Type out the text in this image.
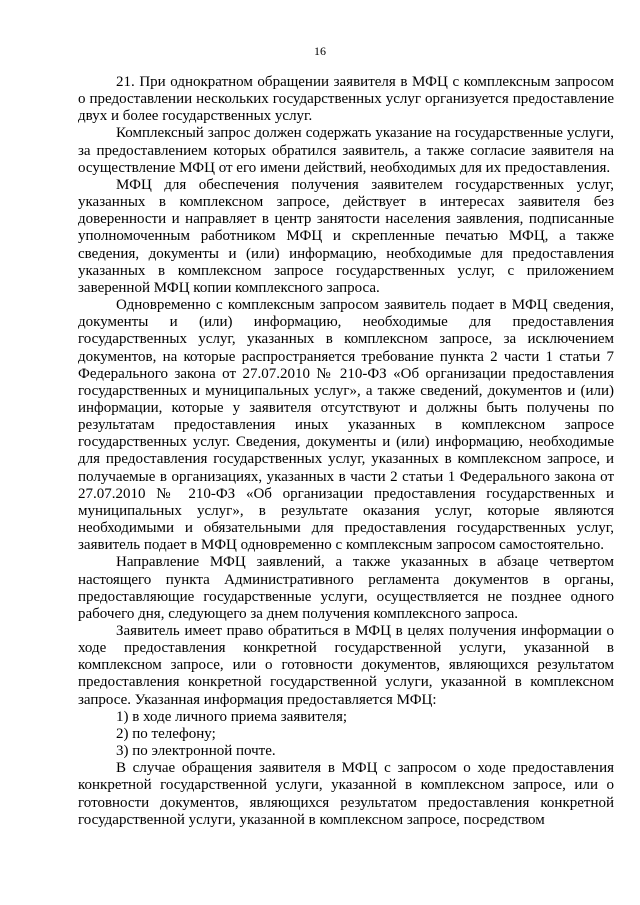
16

21. При однократном обращении заявителя в МФЦ с комплексным запросом о предоставлении нескольких государственных услуг организуется предоставление двух и более государственных услуг.

Комплексный запрос должен содержать указание на государственные услуги, за предоставлением которых обратился заявитель, а также согласие заявителя на осуществление МФЦ от его имени действий, необходимых для их предоставления.

МФЦ для обеспечения получения заявителем государственных услуг, указанных в комплексном запросе, действует в интересах заявителя без доверенности и направляет в центр занятости населения заявления, подписанные уполномоченным работником МФЦ и скрепленные печатью МФЦ, а также сведения, документы и (или) информацию, необходимые для предоставления указанных в комплексном запросе государственных услуг, с приложением заверенной МФЦ копии комплексного запроса.

Одновременно с комплексным запросом заявитель подает в МФЦ сведения, документы и (или) информацию, необходимые для предоставления государственных услуг, указанных в комплексном запросе, за исключением документов, на которые распространяется требование пункта 2 части 1 статьи 7 Федерального закона от 27.07.2010 № 210-ФЗ «Об организации предоставления государственных и муниципальных услуг», а также сведений, документов и (или) информации, которые у заявителя отсутствуют и должны быть получены по результатам предоставления иных указанных в комплексном запросе государственных услуг. Сведения, документы и (или) информацию, необходимые для предоставления государственных услуг, указанных в комплексном запросе, и получаемые в организациях, указанных в части 2 статьи 1 Федерального закона от 27.07.2010 № 210-ФЗ «Об организации предоставления государственных и муниципальных услуг», в результате оказания услуг, которые являются необходимыми и обязательными для предоставления государственных услуг, заявитель подает в МФЦ одновременно с комплексным запросом самостоятельно.

Направление МФЦ заявлений, а также указанных в абзаце четвертом настоящего пункта Административного регламента документов в органы, предоставляющие государственные услуги, осуществляется не позднее одного рабочего дня, следующего за днем получения комплексного запроса.

Заявитель имеет право обратиться в МФЦ в целях получения информации о ходе предоставления конкретной государственной услуги, указанной в комплексном запросе, или о готовности документов, являющихся результатом предоставления конкретной государственной услуги, указанной в комплексном запросе. Указанная информация предоставляется МФЦ:

1) в ходе личного приема заявителя;

2) по телефону;

3) по электронной почте.

В случае обращения заявителя в МФЦ с запросом о ходе предоставления конкретной государственной услуги, указанной в комплексном запросе, или о готовности документов, являющихся результатом предоставления конкретной государственной услуги, указанной в комплексном запросе, посредством
